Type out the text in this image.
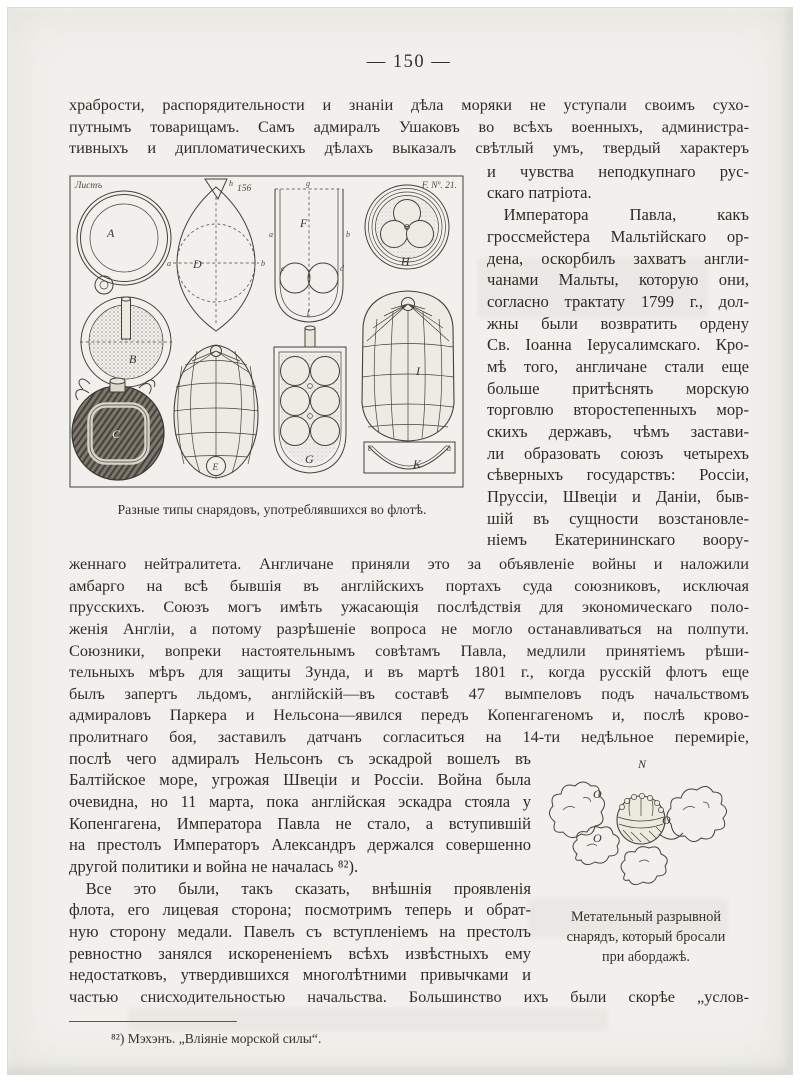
— 150 —
храбрости, распорядительности и знаніи дѣла моряки не уступали своимъ сухо-
путнымъ товарищамъ. Самъ адмиралъ Ушаковъ во всѣхъ военныхъ, администра-
тивныхъ и дипломатическихъ дѣлахъ выказалъ свѣтлый умъ, твердый характеръ
Листъ	156	F. Nº. 21.
A
a	b
h
D
a	b
c	d
f
g
F
H
B
C
E
G
I
c	a
K
Разные типы снарядовъ, употреблявшихся во флотѣ.
и чувства неподкупнаго рус-
скаго патріота.
 Императора Павла, какъ
гроссмейстера Мальтійскаго ор-
дена, оскорбилъ захватъ англи-
чанами Мальты, которую они,
согласно трактату 1799 г., дол-
жны были возвратить ордену
Св. Іоанна Іерусалимскаго. Кро-
мѣ того, англичане стали еще
больше притѣснять морскую
торговлю второстепенныхъ мор-
скихъ державъ, чѣмъ застави-
ли образовать союзъ четырехъ
сѣверныхъ государствъ: Россіи,
Пруссіи, Швеціи и Даніи, быв-
шій въ сущности возстановле-
ніемъ Екатерининскаго воору-
женнаго нейтралитета. Англичане приняли это за объявленіе войны и наложили
амбарго на всѣ бывшія въ англійскихъ портахъ суда союзниковъ, исключая
прусскихъ. Союзъ могъ имѣть ужасающія послѣдствія для экономическаго поло-
женія Англіи, а потому разрѣшеніе вопроса не могло останавливаться на полпути.
Союзники, вопреки настоятельнымъ совѣтамъ Павла, медлили принятіемъ рѣши-
тельныхъ мѣръ для защиты Зунда, и въ мартѣ 1801 г., когда русскій флотъ еще
былъ запертъ льдомъ, англійскій—въ составѣ 47 вымпеловъ подъ начальствомъ
адмираловъ Паркера и Нельсона—явился передъ Копенгагеномъ и, послѣ крово-
пролитнаго боя, заставилъ датчанъ согласиться на 14-ти недѣльное перемиріе,
послѣ чего адмиралъ Нельсонъ съ эскадрой вошелъ въ
Балтійское море, угрожая Швеціи и Россіи. Война была
очевидна, но 11 марта, пока англійская эскадра стояла у
Копенгагена, Императора Павла не стало, а вступившій
на престолъ Императоръ Александръ держался совершенно
другой политики и война не началась ⁸²).
 Все это были, такъ сказать, внѣшнія проявленія
флота, его лицевая сторона; посмотримъ теперь и обрат-
ную сторону медали. Павелъ съ вступленіемъ на престолъ
ревностно занялся искорененіемъ всѣхъ извѣстныхъ ему
недостатковъ, утвердившихся многолѣтними привычками и
N
O
O
O
Метательный разрывной
снарядъ, который бросали
при абордажѣ.
частью снисходительностью начальства. Большинство ихъ были скорѣе „услов-
⁸²) Мэхэнъ. „Вліяніе морской силы“.
